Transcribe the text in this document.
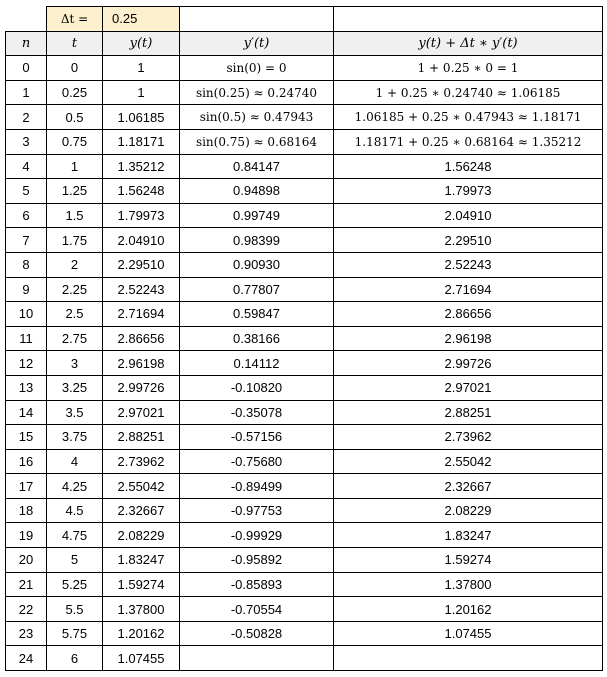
	Δt =	0.25		
n	t	y(t)	y′(t)	y(t) + Δt ∗ y′(t)
0	0	1	sin(0) = 0	1 + 0.25 ∗ 0 = 1
1	0.25	1	sin(0.25) ≈ 0.24740	1 + 0.25 ∗ 0.24740 ≈ 1.06185
2	0.5	1.06185	sin(0.5) ≈ 0.47943	1.06185 + 0.25 ∗ 0.47943 ≈ 1.18171
3	0.75	1.18171	sin(0.75) ≈ 0.68164	1.18171 + 0.25 ∗ 0.68164 ≈ 1.35212
4	1	1.35212	0.84147	1.56248
5	1.25	1.56248	0.94898	1.79973
6	1.5	1.79973	0.99749	2.04910
7	1.75	2.04910	0.98399	2.29510
8	2	2.29510	0.90930	2.52243
9	2.25	2.52243	0.77807	2.71694
10	2.5	2.71694	0.59847	2.86656
11	2.75	2.86656	0.38166	2.96198
12	3	2.96198	0.14112	2.99726
13	3.25	2.99726	-0.10820	2.97021
14	3.5	2.97021	-0.35078	2.88251
15	3.75	2.88251	-0.57156	2.73962
16	4	2.73962	-0.75680	2.55042
17	4.25	2.55042	-0.89499	2.32667
18	4.5	2.32667	-0.97753	2.08229
19	4.75	2.08229	-0.99929	1.83247
20	5	1.83247	-0.95892	1.59274
21	5.25	1.59274	-0.85893	1.37800
22	5.5	1.37800	-0.70554	1.20162
23	5.75	1.20162	-0.50828	1.07455
24	6	1.07455		
